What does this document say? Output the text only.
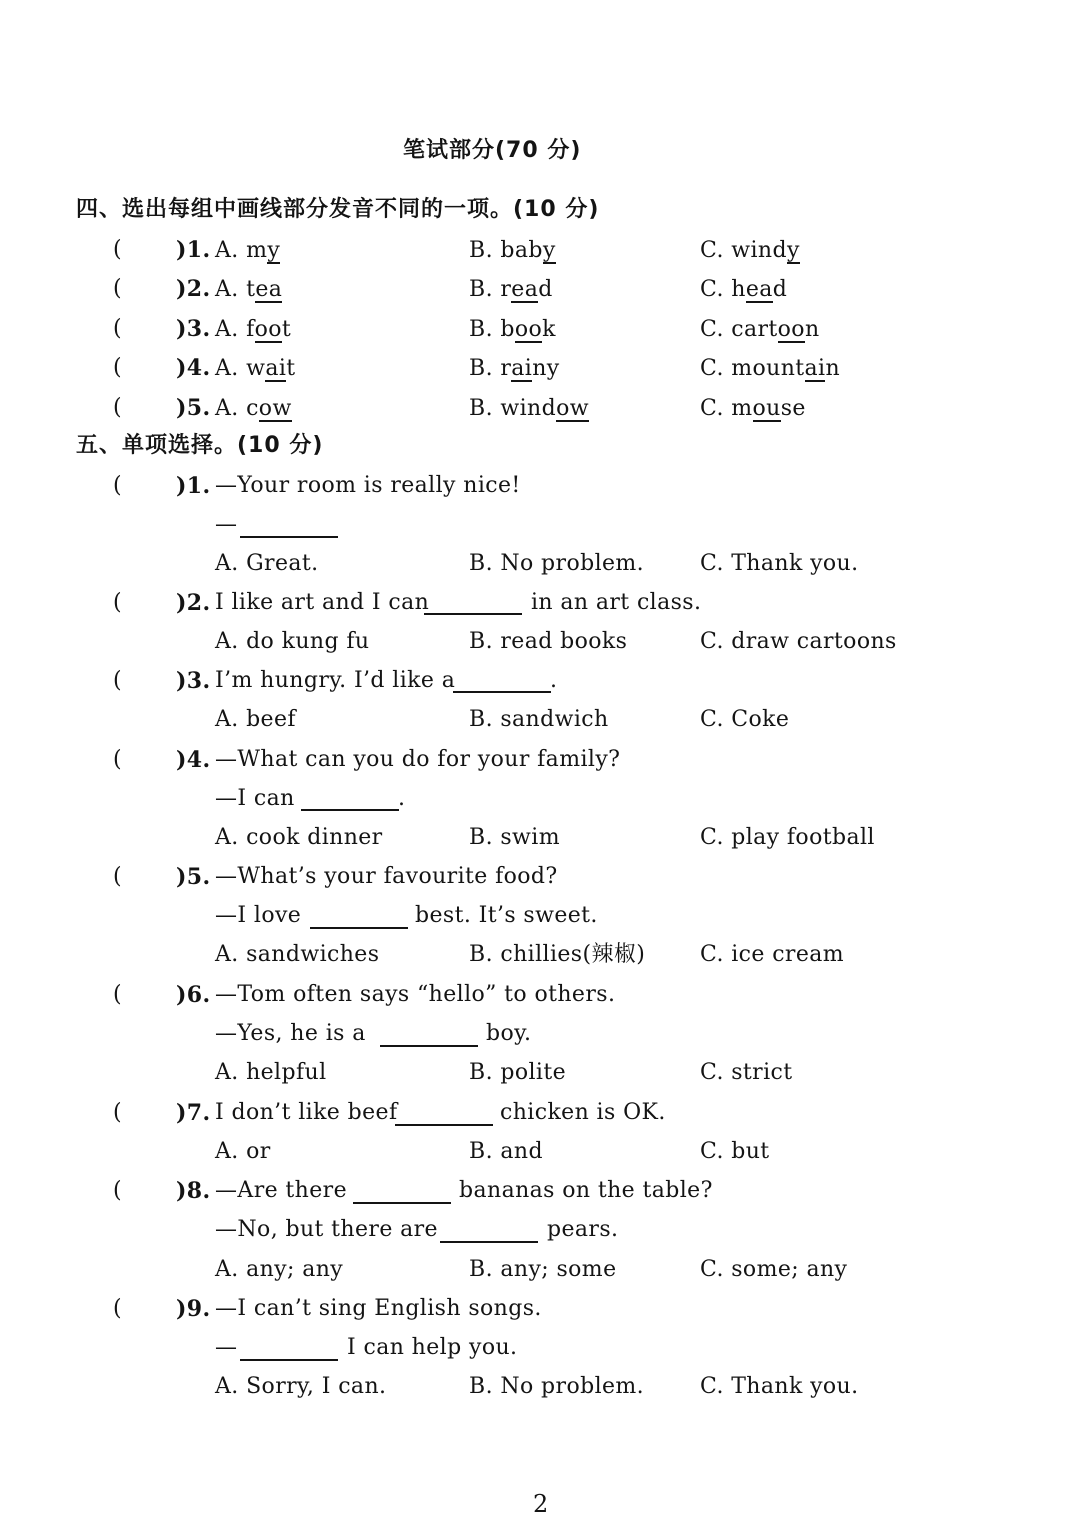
笔试部分(70 分)
四、选出每组中画线部分发音不同的一项。(10 分)
( )1. A. my	B. baby	C. windy
( )2. A. tea	B. read	C. head
( )3. A. foot	B. book	C. cartoon
( )4. A. wait	B. rainy	C. mountain
( )5. A. cow	B. window	C. mouse
五、单项选择。(10 分)
( )1. —Your room is really nice!
—
A. Great.	B. No problem.	C. Thank you.
( )2. I like art and I can	in an art class.
A. do kung fu	B. read books	C. draw cartoons
( )3. I’m hungry. I’d like a	.
A. beef	B. sandwich	C. Coke
( )4. —What can you do for your family?
—I can	.
A. cook dinner	B. swim	C. play football
( )5. —What’s your favourite food?
—I love	best. It’s sweet.
A. sandwiches	B. chillies(辣椒) C. ice cream
( )6. —Tom often says “hello” to others.
—Yes, he is a	boy.
A. helpful	B. polite	C. strict
( )7. I don’t like beef	chicken is OK.
A. or	B. and	C. but
( )8. —Are there	bananas on the table?
—No, but there are	pears.
A. any; any	B. any; some	C. some; any
( )9. —I can’t sing English songs.
—	I can help you.
A. Sorry, I can.	B. No problem.	C. Thank you.
2
